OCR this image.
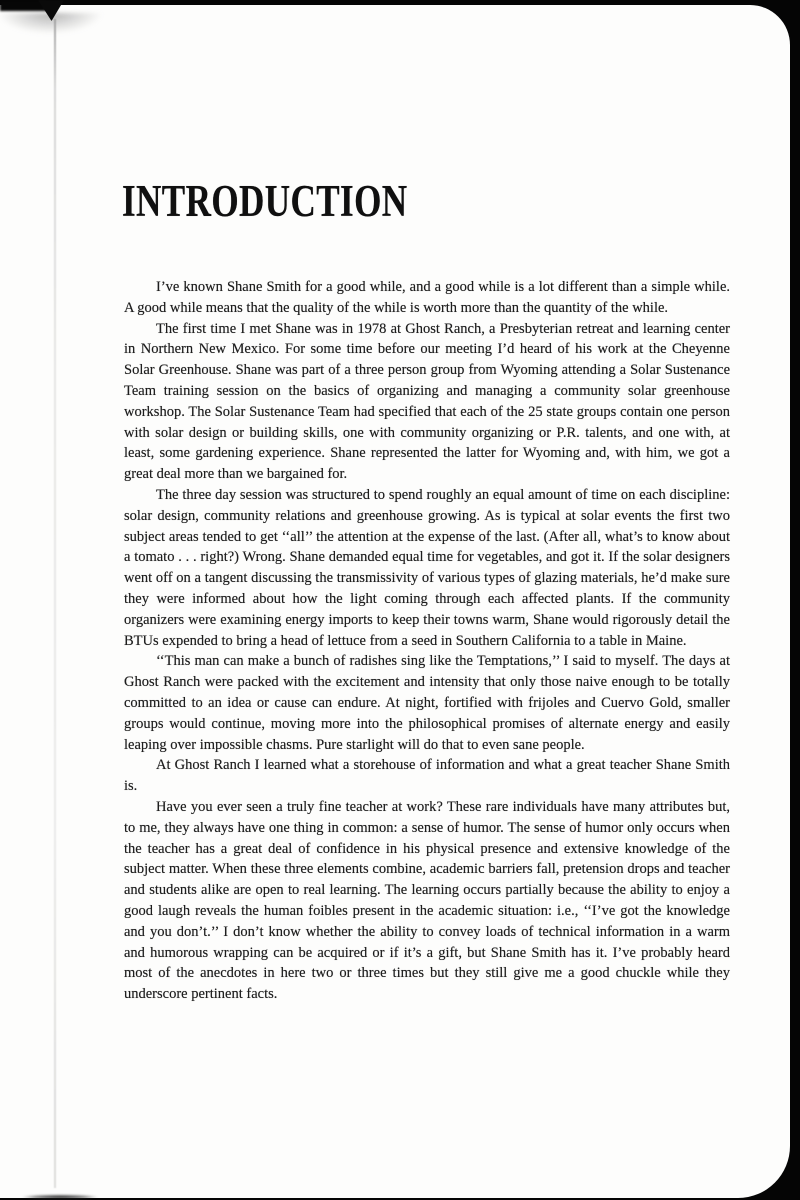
INTRODUCTION

I’ve known Shane Smith for a good while, and a good while is a lot different than a simple while. A good while means that the quality of the while is worth more than the quantity of the while.

The first time I met Shane was in 1978 at Ghost Ranch, a Presbyterian retreat and learning center in Northern New Mexico. For some time before our meeting I’d heard of his work at the Cheyenne Solar Greenhouse. Shane was part of a three person group from Wyoming attending a Solar Sustenance Team training session on the basics of organizing and managing a community solar greenhouse workshop. The Solar Sustenance Team had specified that each of the 25 state groups contain one person with solar design or building skills, one with community organizing or P.R. talents, and one with, at least, some gardening experience. Shane represented the latter for Wyoming and, with him, we got a great deal more than we bargained for.

The three day session was structured to spend roughly an equal amount of time on each discipline: solar design, community relations and greenhouse growing. As is typical at solar events the first two subject areas tended to get ‘‘all’’ the attention at the expense of the last. (After all, what’s to know about a tomato . . . right?) Wrong. Shane demanded equal time for vegetables, and got it. If the solar designers went off on a tangent discussing the transmissivity of various types of glazing materials, he’d make sure they were informed about how the light coming through each affected plants. If the community organizers were examining energy imports to keep their towns warm, Shane would rigorously detail the BTUs expended to bring a head of lettuce from a seed in Southern California to a table in Maine.

‘‘This man can make a bunch of radishes sing like the Temptations,’’ I said to myself. The days at Ghost Ranch were packed with the excitement and intensity that only those naive enough to be totally committed to an idea or cause can endure. At night, fortified with frijoles and Cuervo Gold, smaller groups would continue, moving more into the philosophical promises of alternate energy and easily leaping over impossible chasms. Pure starlight will do that to even sane people.

At Ghost Ranch I learned what a storehouse of information and what a great teacher Shane Smith is.

Have you ever seen a truly fine teacher at work? These rare individuals have many attributes but, to me, they always have one thing in common: a sense of humor. The sense of humor only occurs when the teacher has a great deal of confidence in his physical presence and extensive knowledge of the subject matter. When these three elements combine, academic barriers fall, pretension drops and teacher and students alike are open to real learning. The learning occurs partially because the ability to enjoy a good laugh reveals the human foibles present in the academic situation: i.e., ‘‘I’ve got the knowledge and you don’t.’’ I don’t know whether the ability to convey loads of technical information in a warm and humorous wrapping can be acquired or if it’s a gift, but Shane Smith has it. I’ve probably heard most of the anecdotes in here two or three times but they still give me a good chuckle while they underscore pertinent facts.
